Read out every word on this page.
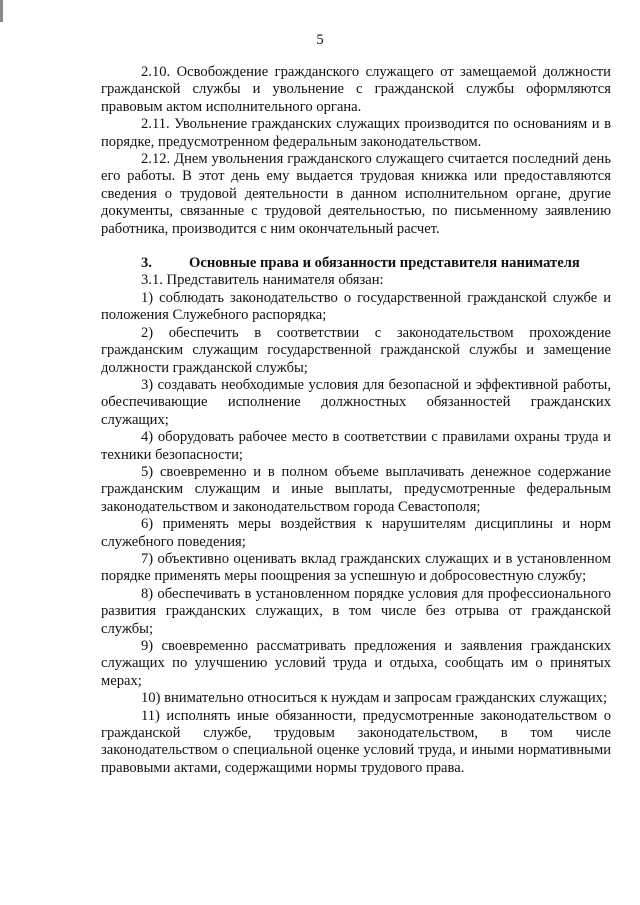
5

2.10. Освобождение гражданского служащего от замещаемой должности гражданской службы и увольнение с гражданской службы оформляются правовым актом исполнительного органа.

2.11. Увольнение гражданских служащих производится по основаниям и в порядке, предусмотренном федеральным законодательством.

2.12. Днем увольнения гражданского служащего считается последний день его работы. В этот день ему выдается трудовая книжка или предоставляются сведения о трудовой деятельности в данном исполнительном органе, другие документы, связанные с трудовой деятельностью, по письменному заявлению работника, производится с ним окончательный расчет.

3.	Основные права и обязанности представителя нанимателя

3.1. Представитель нанимателя обязан:

1) соблюдать законодательство о государственной гражданской службе и положения Служебного распорядка;

2) обеспечить в соответствии с законодательством прохождение гражданским служащим государственной гражданской службы и замещение должности гражданской службы;

3) создавать необходимые условия для безопасной и эффективной работы, обеспечивающие исполнение должностных обязанностей гражданских служащих;

4) оборудовать рабочее место в соответствии с правилами охраны труда и техники безопасности;

5) своевременно и в полном объеме выплачивать денежное содержание гражданским служащим и иные выплаты, предусмотренные федеральным законодательством и законодательством города Севастополя;

6) применять меры воздействия к нарушителям дисциплины и норм служебного поведения;

7) объективно оценивать вклад гражданских служащих и в установленном порядке применять меры поощрения за успешную и добросовестную службу;

8) обеспечивать в установленном порядке условия для профессионального развития гражданских служащих, в том числе без отрыва от гражданской службы;

9) своевременно рассматривать предложения и заявления гражданских служащих по улучшению условий труда и отдыха, сообщать им о принятых мерах;

10) внимательно относиться к нуждам и запросам гражданских служащих;

11) исполнять иные обязанности, предусмотренные законодательством о гражданской службе, трудовым законодательством, в том числе законодательством о специальной оценке условий труда, и иными нормативными правовыми актами, содержащими нормы трудового права.
